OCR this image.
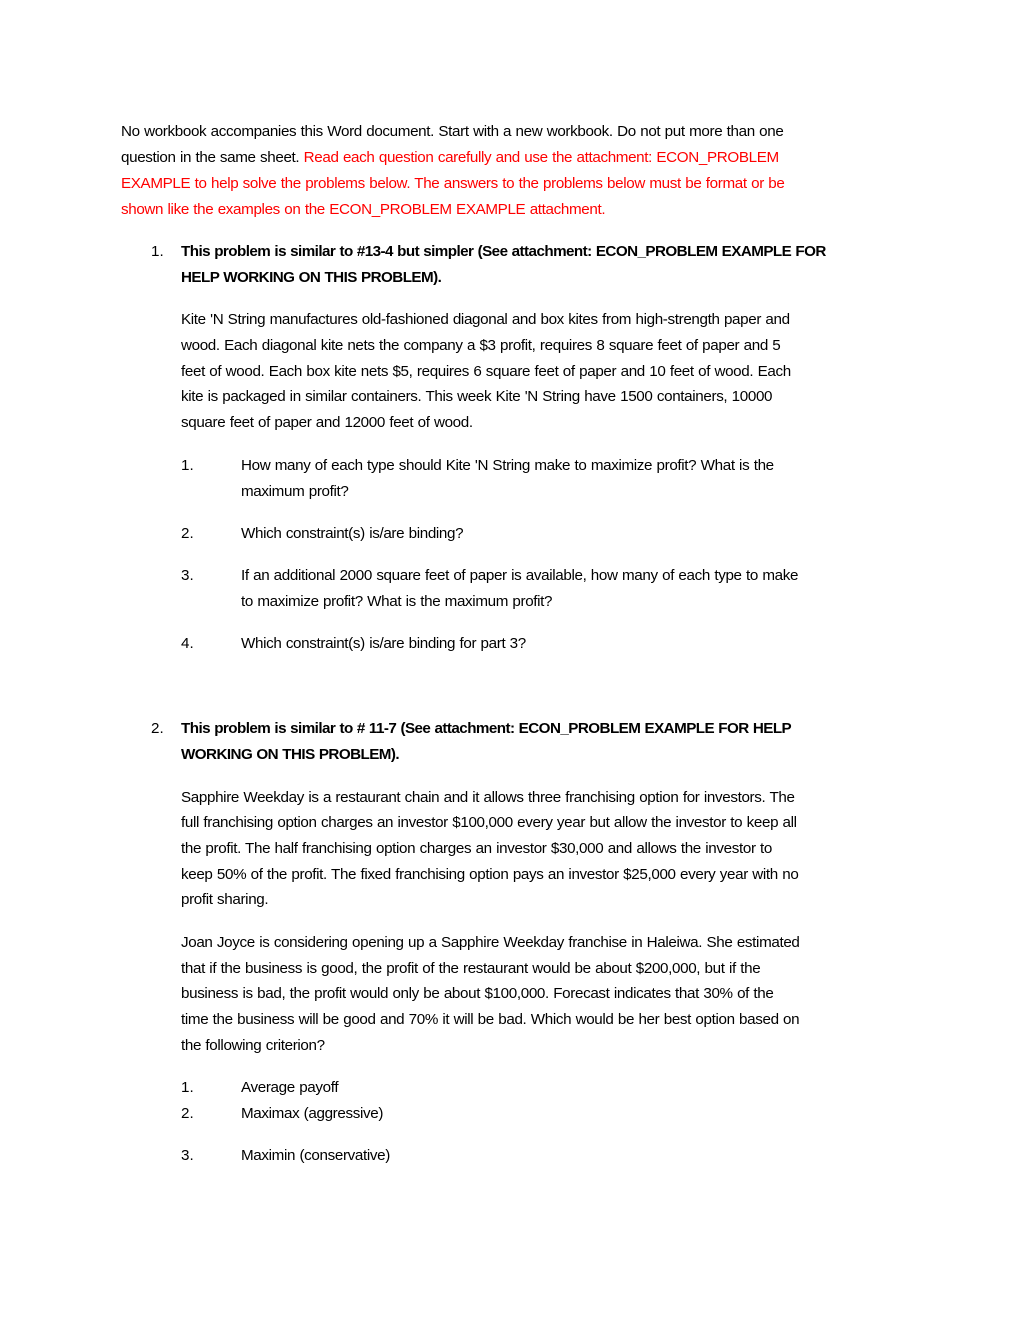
No workbook accompanies this Word document. Start with a new workbook. Do not put more than one
question in the same sheet. Read each question carefully and use the attachment: ECON_PROBLEM
EXAMPLE to help solve the problems below. The answers to the problems below must be format or be
shown like the examples on the ECON_PROBLEM EXAMPLE attachment.
1. This problem is similar to #13-4 but simpler (See attachment: ECON_PROBLEM EXAMPLE FOR
HELP WORKING ON THIS PROBLEM).
Kite 'N String manufactures old-fashioned diagonal and box kites from high-strength paper and
wood. Each diagonal kite nets the company a $3 profit, requires 8 square feet of paper and 5
feet of wood. Each box kite nets $5, requires 6 square feet of paper and 10 feet of wood. Each
kite is packaged in similar containers. This week Kite 'N String have 1500 containers, 10000
square feet of paper and 12000 feet of wood.
1.	How many of each type should Kite 'N String make to maximize profit? What is the
maximum profit?
2.	Which constraint(s) is/are binding?
3.	If an additional 2000 square feet of paper is available, how many of each type to make
to maximize profit? What is the maximum profit?
4.	Which constraint(s) is/are binding for part 3?
2. This problem is similar to # 11-7 (See attachment: ECON_PROBLEM EXAMPLE FOR HELP
WORKING ON THIS PROBLEM).
Sapphire Weekday is a restaurant chain and it allows three franchising option for investors. The
full franchising option charges an investor $100,000 every year but allow the investor to keep all
the profit. The half franchising option charges an investor $30,000 and allows the investor to
keep 50% of the profit. The fixed franchising option pays an investor $25,000 every year with no
profit sharing.
Joan Joyce is considering opening up a Sapphire Weekday franchise in Haleiwa. She estimated
that if the business is good, the profit of the restaurant would be about $200,000, but if the
business is bad, the profit would only be about $100,000. Forecast indicates that 30% of the
time the business will be good and 70% it will be bad. Which would be her best option based on
the following criterion?
1.	Average payoff
2.	Maximax (aggressive)
3.	Maximin (conservative)
